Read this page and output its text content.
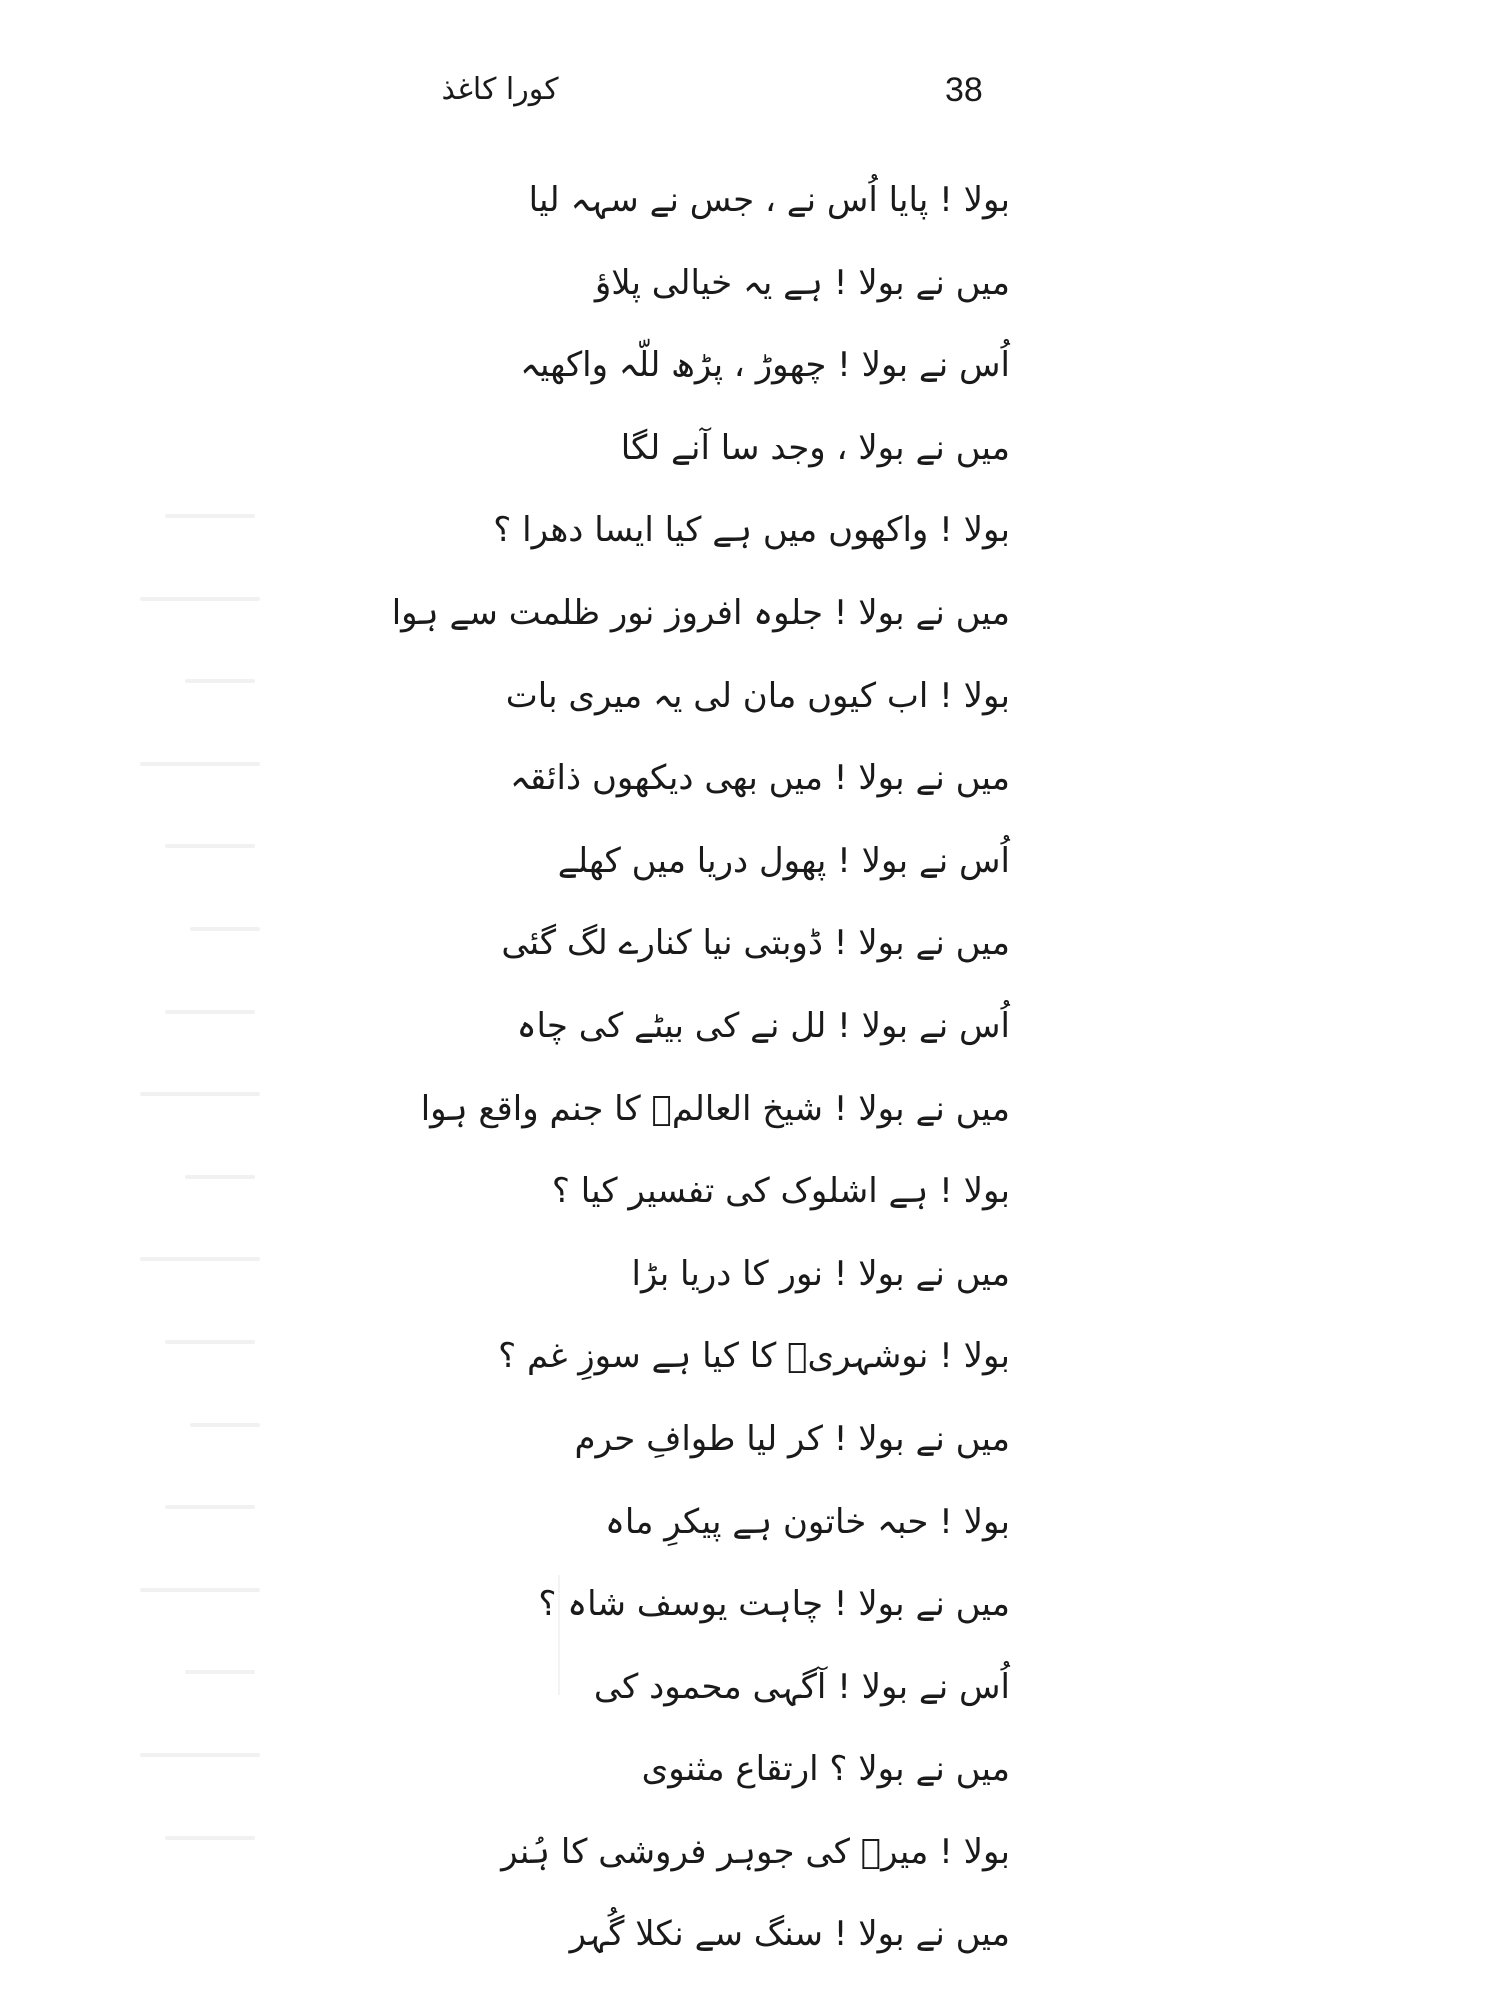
کورا کاغذ	38
بولا ! پایا اُس نے ، جس نے سہہ لیا
میں نے بولا ! ہے یہ خیالی پلاؤ
اُس نے بولا ! چھوڑ ، پڑھ للّہ واکھیہ
میں نے بولا ، وجد سا آنے لگا
بولا ! واکھوں میں ہے کیا ایسا دھرا ؟
میں نے بولا ! جلوہ افروز نور ظلمت سے ہوا
بولا ! اب کیوں مان لی یہ میری بات
میں نے بولا ! میں بھی دیکھوں ذائقہ
اُس نے بولا ! پھول دریا میں کھلے
میں نے بولا ! ڈوبتی نیا کنارے لگ گئی
اُس نے بولا ! لل نے کی بیٹے کی چاہ
میں نے بولا ! شیخ العالمؒ کا جنم واقع ہوا
بولا ! ہے اشلوک کی تفسیر کیا ؟
میں نے بولا ! نور کا دریا بڑا
بولا ! نوشہریؔ کا کیا ہے سوزِ غم ؟
میں نے بولا ! کر لیا طوافِ حرم
بولا ! حبہ خاتون ہے پیکرِ ماہ
میں نے بولا ! چاہت یوسف شاہ ؟
اُس نے بولا ! آگہی محمود کی
میں نے بولا ؟ ارتقاع مثنوی
بولا ! میرؔ کی جوہر فروشی کا ہُنر
میں نے بولا ! سنگ سے نکلا گُہر
